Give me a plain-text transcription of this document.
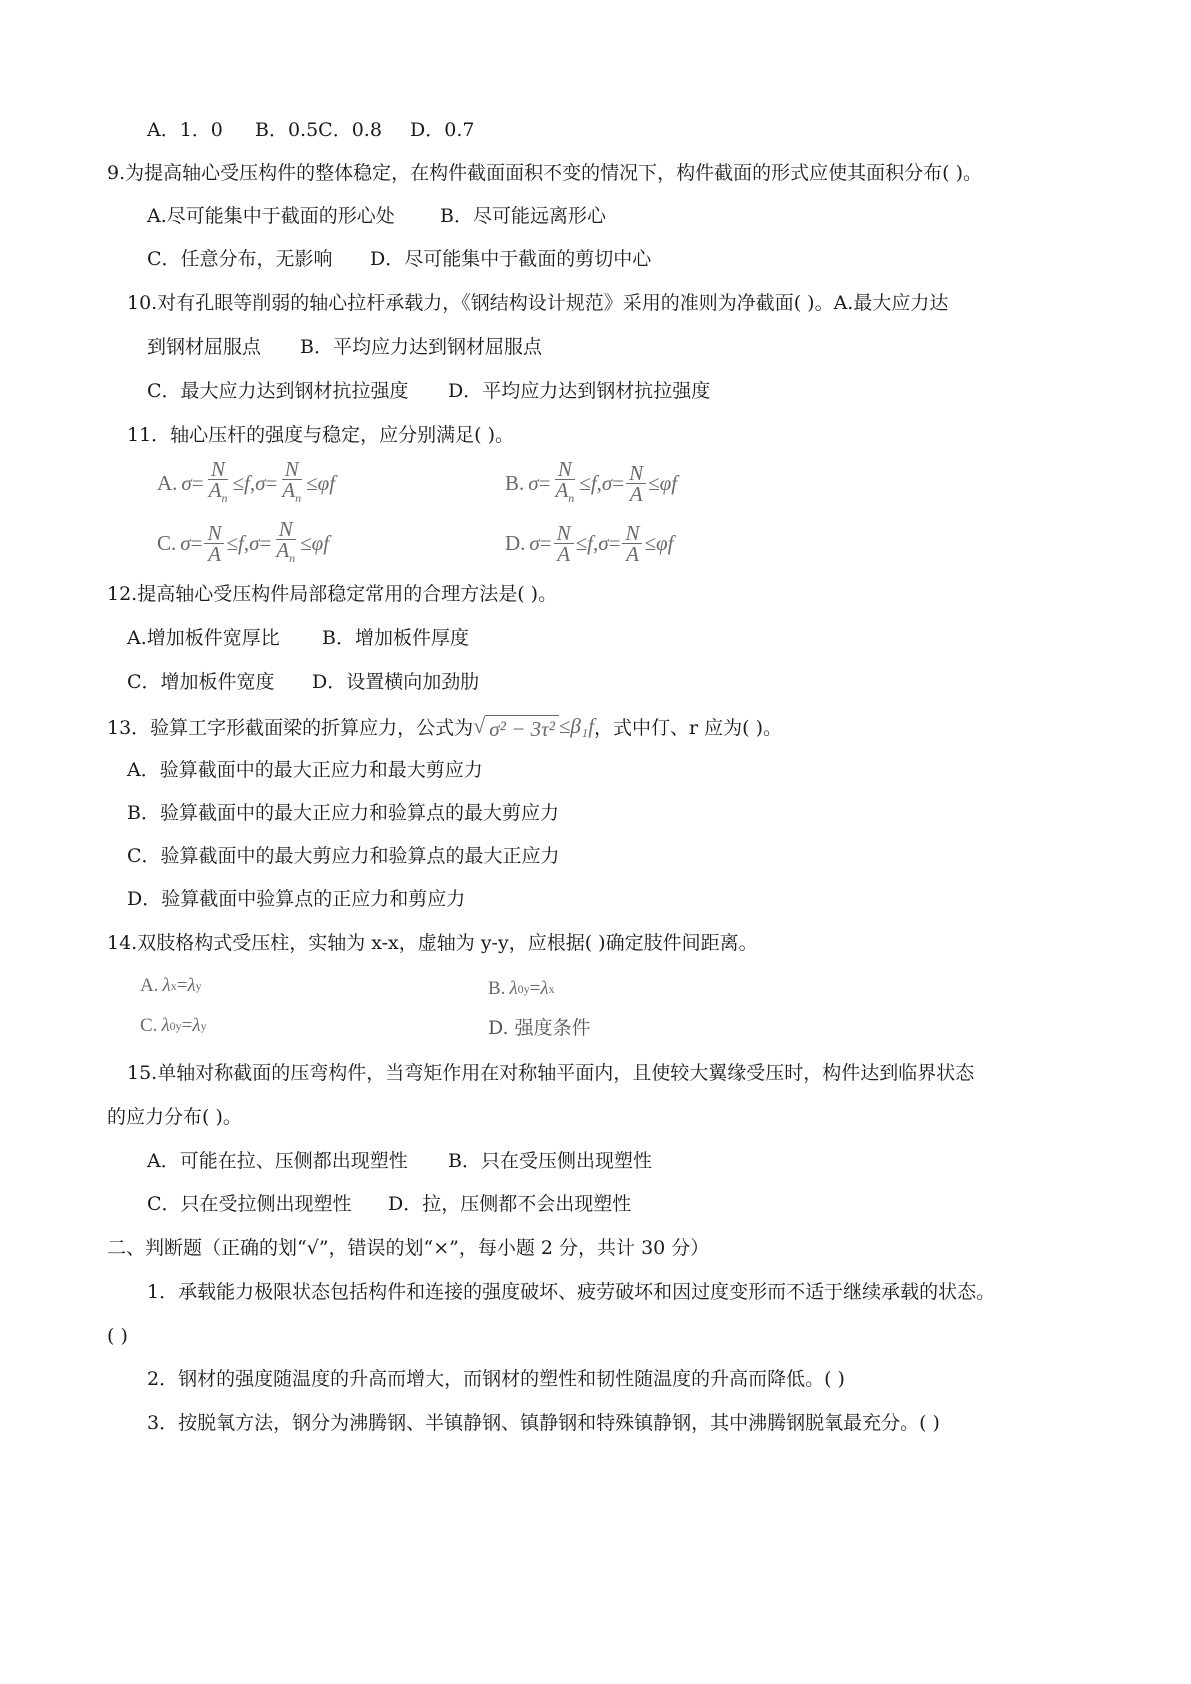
A．1．0 B．0.5C．0.8 D．0.7
9.为提高轴心受压构件的整体稳定，在构件截面面积不变的情况下，构件截面的形式应使其面积分布( )。
A.尽可能集中于截面的形心处 B．尽可能远离形心
C．任意分布，无影响 D．尽可能集中于截面的剪切中心
10.对有孔眼等削弱的轴心拉杆承载力，《钢结构设计规范》采用的准则为净截面( )。A.最大应力达
到钢材屈服点 B．平均应力达到钢材屈服点
C．最大应力达到钢材抗拉强度 D．平均应力达到钢材抗拉强度
11．轴心压杆的强度与稳定，应分别满足( )。
A. $\sigma = \frac{N}{A_n} \le f$ , $\sigma = \frac{N}{A_n} \le \varphi$ f	B. $\sigma = \frac{N}{A_n} \le f$ , $\sigma = \frac{N}{A} \le \varphi$ f
C. $\sigma = \frac{N}{A} \le f$ , $\sigma = \frac{N}{A_n} \le \varphi$ f	D. $\sigma = \frac{N}{A} \le f$ , $\sigma = \frac{N}{A} \le \varphi$ f
12.提高轴心受压构件局部稳定常用的合理方法是( )。
A.增加板件宽厚比 B．增加板件厚度
C．增加板件宽度 D．设置横向加劲肋
13．验算工字形截面梁的折算应力，公式为 √ σ² − 3τ² ≤β₁f ，式中仃、r 应为( )。
A．验算截面中的最大正应力和最大剪应力
B．验算截面中的最大正应力和验算点的最大剪应力
C．验算截面中的最大剪应力和验算点的最大正应力
D．验算截面中验算点的正应力和剪应力
14.双肢格构式受压柱，实轴为 x-x，虚轴为 y-y，应根据( )确定肢件间距离。
A. λ x = λ y	B. λ 0y = λ x
C. λ 0y = λ y	D. 强度条件
15.单轴对称截面的压弯构件，当弯矩作用在对称轴平面内，且使较大翼缘受压时，构件达到临界状态
的应力分布( )。
A．可能在拉、压侧都出现塑性 B．只在受压侧出现塑性
C．只在受拉侧出现塑性 D．拉，压侧都不会出现塑性
二、判断题（正确的划“√”，错误的划“×”，每小题 2 分，共计 30 分）
1．承载能力极限状态包括构件和连接的强度破坏、疲劳破坏和因过度变形而不适于继续承载的状态。
( )
2．钢材的强度随温度的升高而增大，而钢材的塑性和韧性随温度的升高而降低。( )
3．按脱氧方法，钢分为沸腾钢、半镇静钢、镇静钢和特殊镇静钢，其中沸腾钢脱氧最充分。( )
